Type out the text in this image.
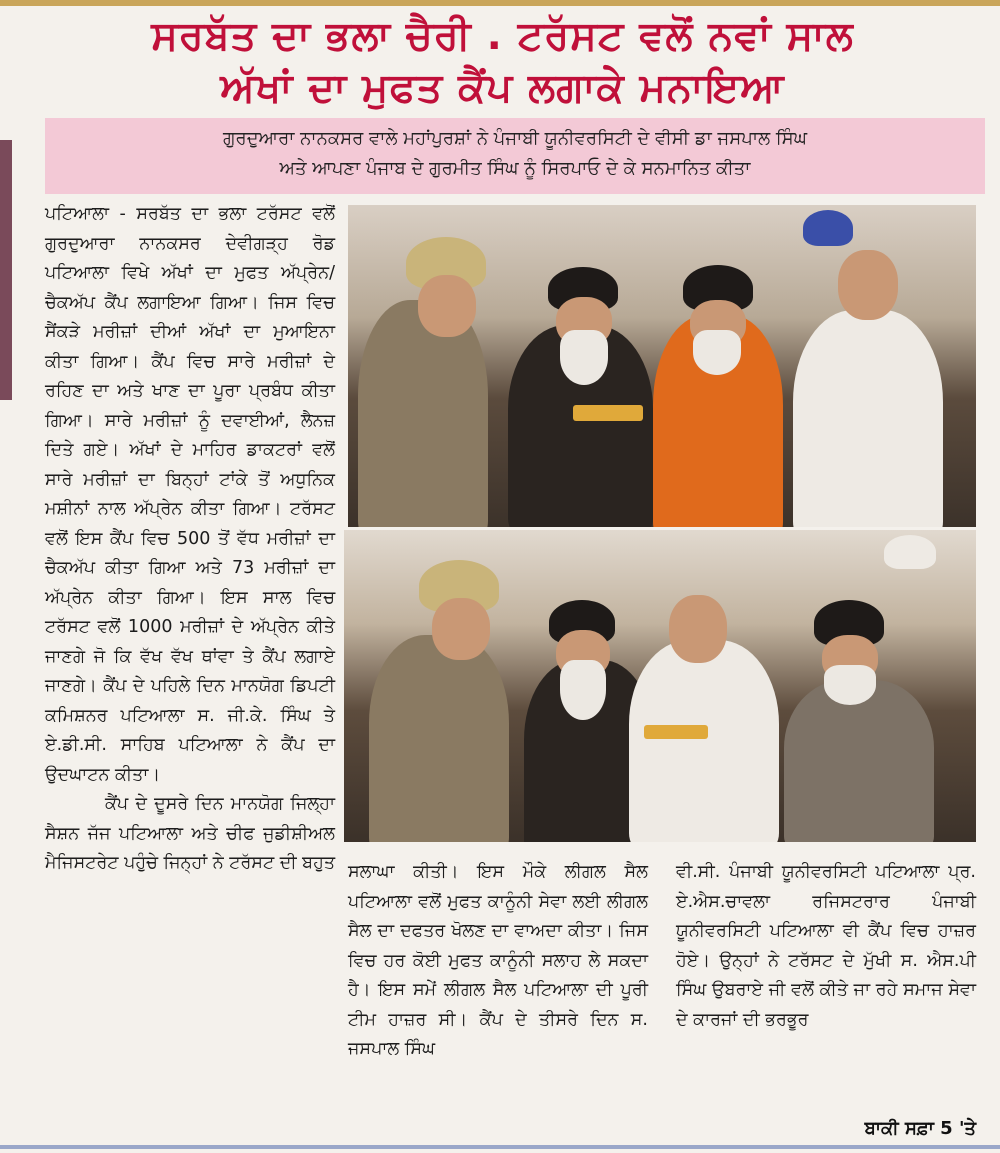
ਸਰਬੱਤ ਦਾ ਭਲਾ ਚੈਰੀ . ਟਰੱਸਟ ਵਲੋਂ ਨਵਾਂ ਸਾਲ
ਅੱਖਾਂ ਦਾ ਮੁਫਤ ਕੈਂਪ ਲਗਾਕੇ ਮਨਾਇਆ
ਗੁਰਦੁਆਰਾ ਨਾਨਕਸਰ ਵਾਲੇ ਮਹਾਂਪੁਰਸ਼ਾਂ ਨੇ ਪੰਜਾਬੀ ਯੂਨੀਵਰਸਿਟੀ ਦੇ ਵੀਸੀ ਡਾ ਜਸਪਾਲ ਸਿੰਘ
ਅਤੇ ਆਪਣਾ ਪੰਜਾਬ ਦੇ ਗੁਰਮੀਤ ਸਿੰਘ ਨੂੰ ਸਿਰਪਾਓ ਦੇ ਕੇ ਸਨਮਾਨਿਤ ਕੀਤਾ

ਪਟਿਆਲਾ - ਸਰਬੱਤ ਦਾ ਭਲਾ ਟਰੱਸਟ ਵਲੋਂ ਗੁਰਦੁਆਰਾ ਨਾਨਕਸਰ ਦੇਵੀਗੜ੍ਹ ਰੋਡ ਪਟਿਆਲਾ ਵਿਖੇ ਅੱਖਾਂ ਦਾ ਮੁਫਤ ਅੱਪ੍ਰੇਨ/ਚੈਕਅੱਪ ਕੈਂਪ ਲਗਾਇਆ ਗਿਆ। ਜਿਸ ਵਿਚ ਸੈਂਕੜੇ ਮਰੀਜ਼ਾਂ ਦੀਆਂ ਅੱਖਾਂ ਦਾ ਮੁਆਇਨਾ ਕੀਤਾ ਗਿਆ। ਕੈਂਪ ਵਿਚ ਸਾਰੇ ਮਰੀਜ਼ਾਂ ਦੇ ਰਹਿਣ ਦਾ ਅਤੇ ਖਾਣ ਦਾ ਪੂਰਾ ਪ੍ਰਬੰਧ ਕੀਤਾ ਗਿਆ। ਸਾਰੇ ਮਰੀਜ਼ਾਂ ਨੂੰ ਦਵਾਈਆਂ, ਲੈਨਜ਼ ਦਿਤੇ ਗਏ। ਅੱਖਾਂ ਦੇ ਮਾਹਿਰ ਡਾਕਟਰਾਂ ਵਲੋਂ ਸਾਰੇ ਮਰੀਜ਼ਾਂ ਦਾ ਬਿਨ੍ਹਾਂ ਟਾਂਕੇ ਤੋਂ ਅਧੁਨਿਕ ਮਸ਼ੀਨਾਂ ਨਾਲ ਅੱਪ੍ਰੇਨ ਕੀਤਾ ਗਿਆ। ਟਰੱਸਟ ਵਲੋਂ ਇਸ ਕੈਂਪ ਵਿਚ 500 ਤੋਂ ਵੱਧ ਮਰੀਜ਼ਾਂ ਦਾ ਚੈਕਅੱਪ ਕੀਤਾ ਗਿਆ ਅਤੇ 73 ਮਰੀਜ਼ਾਂ ਦਾ ਅੱਪ੍ਰੇਨ ਕੀਤਾ ਗਿਆ। ਇਸ ਸਾਲ ਵਿਚ ਟਰੱਸਟ ਵਲੋਂ 1000 ਮਰੀਜ਼ਾਂ ਦੇ ਅੱਪ੍ਰੇਨ ਕੀਤੇ ਜਾਣਗੇ ਜੋ ਕਿ ਵੱਖ ਵੱਖ ਥਾਂਵਾ ਤੇ ਕੈਂਪ ਲਗਾਏ ਜਾਣਗੇ। ਕੈਂਪ ਦੇ ਪਹਿਲੇ ਦਿਨ ਮਾਨਯੋਗ ਡਿਪਟੀ ਕਮਿਸ਼ਨਰ ਪਟਿਆਲਾ ਸ. ਜੀ.ਕੇ. ਸਿੰਘ ਤੇ ਏ.ਡੀ.ਸੀ. ਸਾਹਿਬ ਪਟਿਆਲਾ ਨੇ ਕੈਂਪ ਦਾ ਉਦਘਾਟਨ ਕੀਤਾ।

ਕੈਂਪ ਦੇ ਦੂਸਰੇ ਦਿਨ ਮਾਨਯੋਗ ਜਿਲ੍ਹਾ ਸੈਸ਼ਨ ਜੱਜ ਪਟਿਆਲਾ ਅਤੇ ਚੀਫ ਜੁਡੀਸ਼ੀਅਲ ਮੈਜਿਸਟਰੇਟ ਪਹੁੰਚੇ ਜਿਨ੍ਹਾਂ ਨੇ ਟਰੱਸਟ ਦੀ ਬਹੁਤ ਸਲਾਘਾ ਕੀਤੀ। ਇਸ ਮੌਕੇ ਲੀਗਲ ਸੈਲ ਪਟਿਆਲਾ ਵਲੋਂ ਮੁਫਤ ਕਾਨੂੰਨੀ ਸੇਵਾ ਲਈ ਲੀਗਲ ਸੈਲ ਦਾ ਦਫਤਰ ਖੋਲਣ ਦਾ ਵਾਅਦਾ ਕੀਤਾ। ਜਿਸ ਵਿਚ ਹਰ ਕੋਈ ਮੁਫਤ ਕਾਨੂੰਨੀ ਸਲਾਹ ਲੇ ਸਕਦਾ ਹੈ। ਇਸ ਸਮੇਂ ਲੀਗਲ ਸੈਲ ਪਟਿਆਲਾ ਦੀ ਪੂਰੀ ਟੀਮ ਹਾਜ਼ਰ ਸੀ। ਕੈਂਪ ਦੇ ਤੀਸਰੇ ਦਿਨ ਸ. ਜਸਪਾਲ ਸਿੰਘ

ਵੀ.ਸੀ. ਪੰਜਾਬੀ ਯੂਨੀਵਰਸਿਟੀ ਪਟਿਆਲਾ ਪ੍ਰ. ਏ.ਐਸ.ਚਾਵਲਾ ਰਜਿਸਟਰਾਰ ਪੰਜਾਬੀ ਯੂਨੀਵਰਸਿਟੀ ਪਟਿਆਲਾ ਵੀ ਕੈਂਪ ਵਿਚ ਹਾਜ਼ਰ ਹੋਏ। ਉਨ੍ਹਾਂ ਨੇ ਟਰੱਸਟ ਦੇ ਮੁੱਖੀ ਸ. ਐਸ.ਪੀ ਸਿੰਘ ਉਬਰਾਏ ਜੀ ਵਲੋਂ ਕੀਤੇ ਜਾ ਰਹੇ ਸਮਾਜ ਸੇਵਾ ਦੇ ਕਾਰਜਾਂ ਦੀ ਭਰਭੂਰ

ਬਾਕੀ ਸਫ਼ਾ 5 'ਤੇ
